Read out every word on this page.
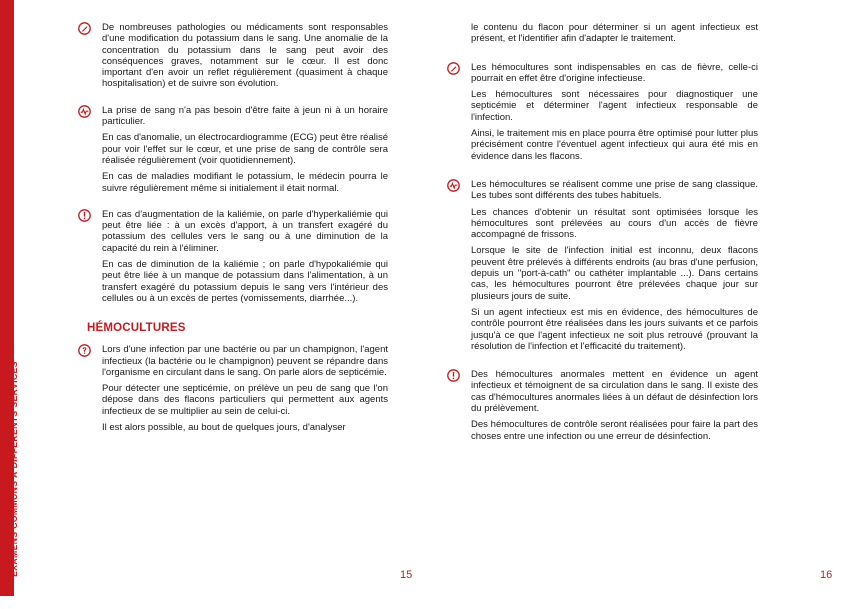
EXAMENS COMMUNS À DIFFÉRENTS SERVICES

De nombreuses pathologies ou médicaments sont responsables d'une modification du potassium dans le sang. Une anomalie de la concentration du potassium dans le sang peut avoir des conséquences graves, notamment sur le cœur. Il est donc important d'en avoir un reflet régulièrement (quasiment à chaque hospitalisation) et de suivre son évolution.

La prise de sang n'a pas besoin d'être faite à jeun ni à un horaire particulier.

En cas d'anomalie, un électrocardiogramme (ECG) peut être réalisé pour voir l'effet sur le cœur, et une prise de sang de contrôle sera réalisée régulièrement (voir quotidiennement).

En cas de maladies modifiant le potassium, le médecin pourra le suivre régulièrement même si initialement il était normal.

En cas d'augmentation de la kaliémie, on parle d'hyperkaliémie qui peut être liée : à un excès d'apport, à un transfert exagéré du potassium des cellules vers le sang ou à une diminution de la capacité du rein à l'éliminer.

En cas de diminution de la kaliémie ; on parle d'hypokaliémie qui peut être liée à un manque de potassium dans l'alimentation, à un transfert exagéré du potassium depuis le sang vers l'intérieur des cellules ou à un excès de pertes (vomissements, diarrhée...).

HÉMOCULTURES

Lors d'une infection par une bactérie ou par un champignon, l'agent infectieux (la bactérie ou le champignon) peuvent se répandre dans l'organisme en circulant dans le sang. On parle alors de septicémie.

Pour détecter une septicémie, on prélève un peu de sang que l'on dépose dans des flacons particuliers qui permettent aux agents infectieux de se multiplier au sein de celui-ci.

Il est alors possible, au bout de quelques jours, d'analyser

le contenu du flacon pour déterminer si un agent infectieux est présent, et l'identifier afin d'adapter le traitement.

Les hémocultures sont indispensables en cas de fièvre, celle-ci pourrait en effet être d'origine infectieuse.

Les hémocultures sont nécessaires pour diagnostiquer une septicémie et déterminer l'agent infectieux responsable de l'infection.

Ainsi, le traitement mis en place pourra être optimisé pour lutter plus précisément contre l'éventuel agent infectieux qui aura été mis en évidence dans les flacons.

Les hémocultures se réalisent comme une prise de sang classique. Les tubes sont différents des tubes habituels.

Les chances d'obtenir un résultat sont optimisées lorsque les hémocultures sont prélevées au cours d'un accès de fièvre accompagné de frissons.

Lorsque le site de l'infection initial est inconnu, deux flacons peuvent être prélevés à différents endroits (au bras d'une perfusion, depuis un "port-à-cath" ou cathéter implantable ...). Dans certains cas, les hémocultures pourront être prélevées chaque jour sur plusieurs jours de suite.

Si un agent infectieux est mis en évidence, des hémocultures de contrôle pourront être réalisées dans les jours suivants et ce parfois jusqu'à ce que l'agent infectieux ne soit plus retrouvé (prouvant la résolution de l'infection et l'efficacité du traitement).

Des hémocultures anormales mettent en évidence un agent infectieux et témoignent de sa circulation dans le sang. Il existe des cas d'hémocultures anormales liées à un défaut de désinfection lors du prélèvement.

Des hémocultures de contrôle seront réalisées pour faire la part des choses entre une infection ou une erreur de désinfection.

15	16
